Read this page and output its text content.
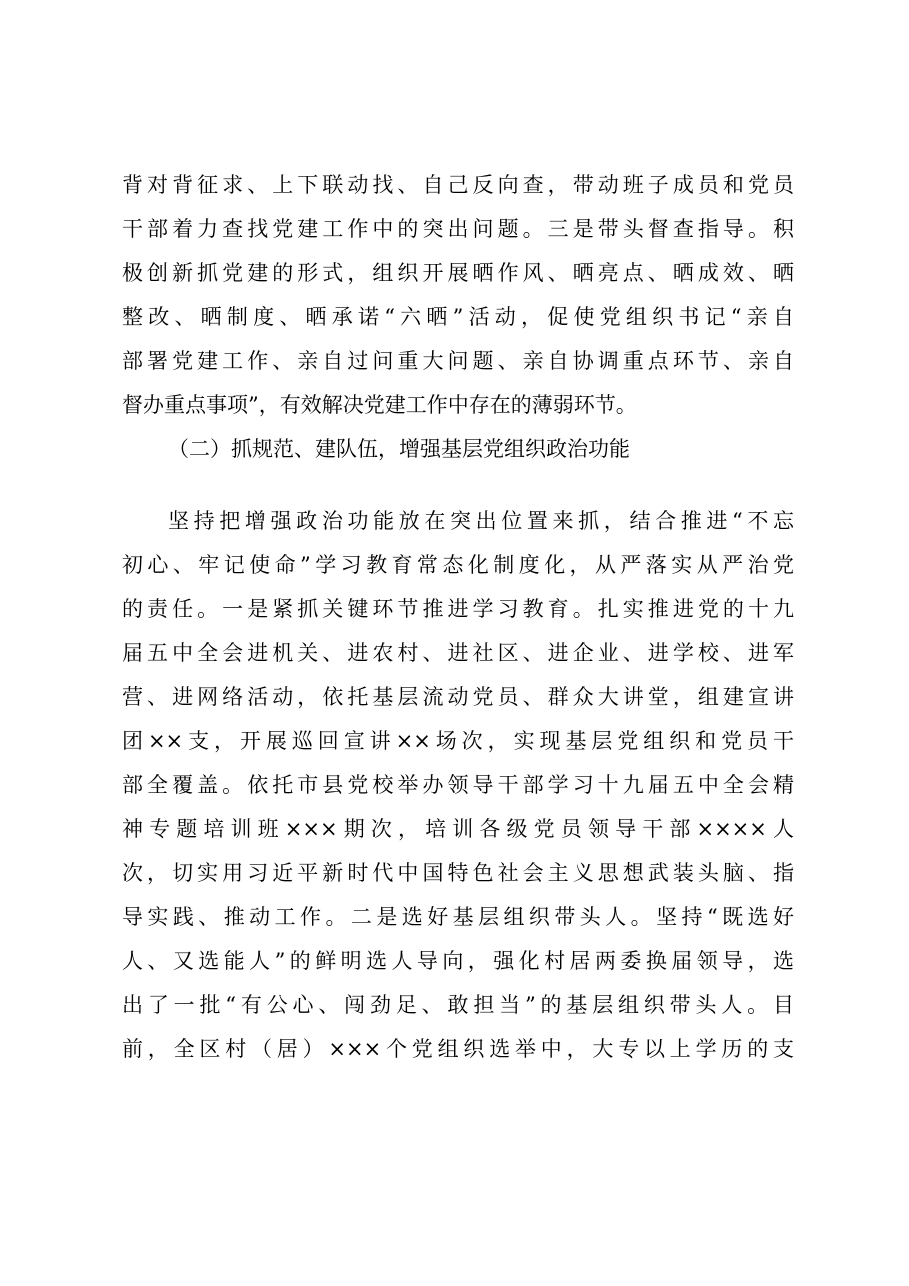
背对背征求、上下联动找、自己反向查，带动班子成员和党员
干部着力查找党建工作中的突出问题。三是带头督查指导。积
极创新抓党建的形式，组织开展晒作风、晒亮点、晒成效、晒
整改、晒制度、晒承诺“六晒”活动，促使党组织书记“亲自
部署党建工作、亲自过问重大问题、亲自协调重点环节、亲自
督办重点事项”，有效解决党建工作中存在的薄弱环节。
（二）抓规范、建队伍，增强基层党组织政治功能
坚持把增强政治功能放在突出位置来抓，结合推进“不忘
初心、牢记使命”学习教育常态化制度化，从严落实从严治党
的责任。一是紧抓关键环节推进学习教育。扎实推进党的十九
届五中全会进机关、进农村、进社区、进企业、进学校、进军
营、进网络活动，依托基层流动党员、群众大讲堂，组建宣讲
团××支，开展巡回宣讲××场次，实现基层党组织和党员干
部全覆盖。依托市县党校举办领导干部学习十九届五中全会精
神专题培训班×××期次，培训各级党员领导干部××××人
次，切实用习近平新时代中国特色社会主义思想武装头脑、指
导实践、推动工作。二是选好基层组织带头人。坚持“既选好
人、又选能人”的鲜明选人导向，强化村居两委换届领导，选
出了一批“有公心、闯劲足、敢担当”的基层组织带头人。目
前，全区村（居）×××个党组织选举中，大专以上学历的支
